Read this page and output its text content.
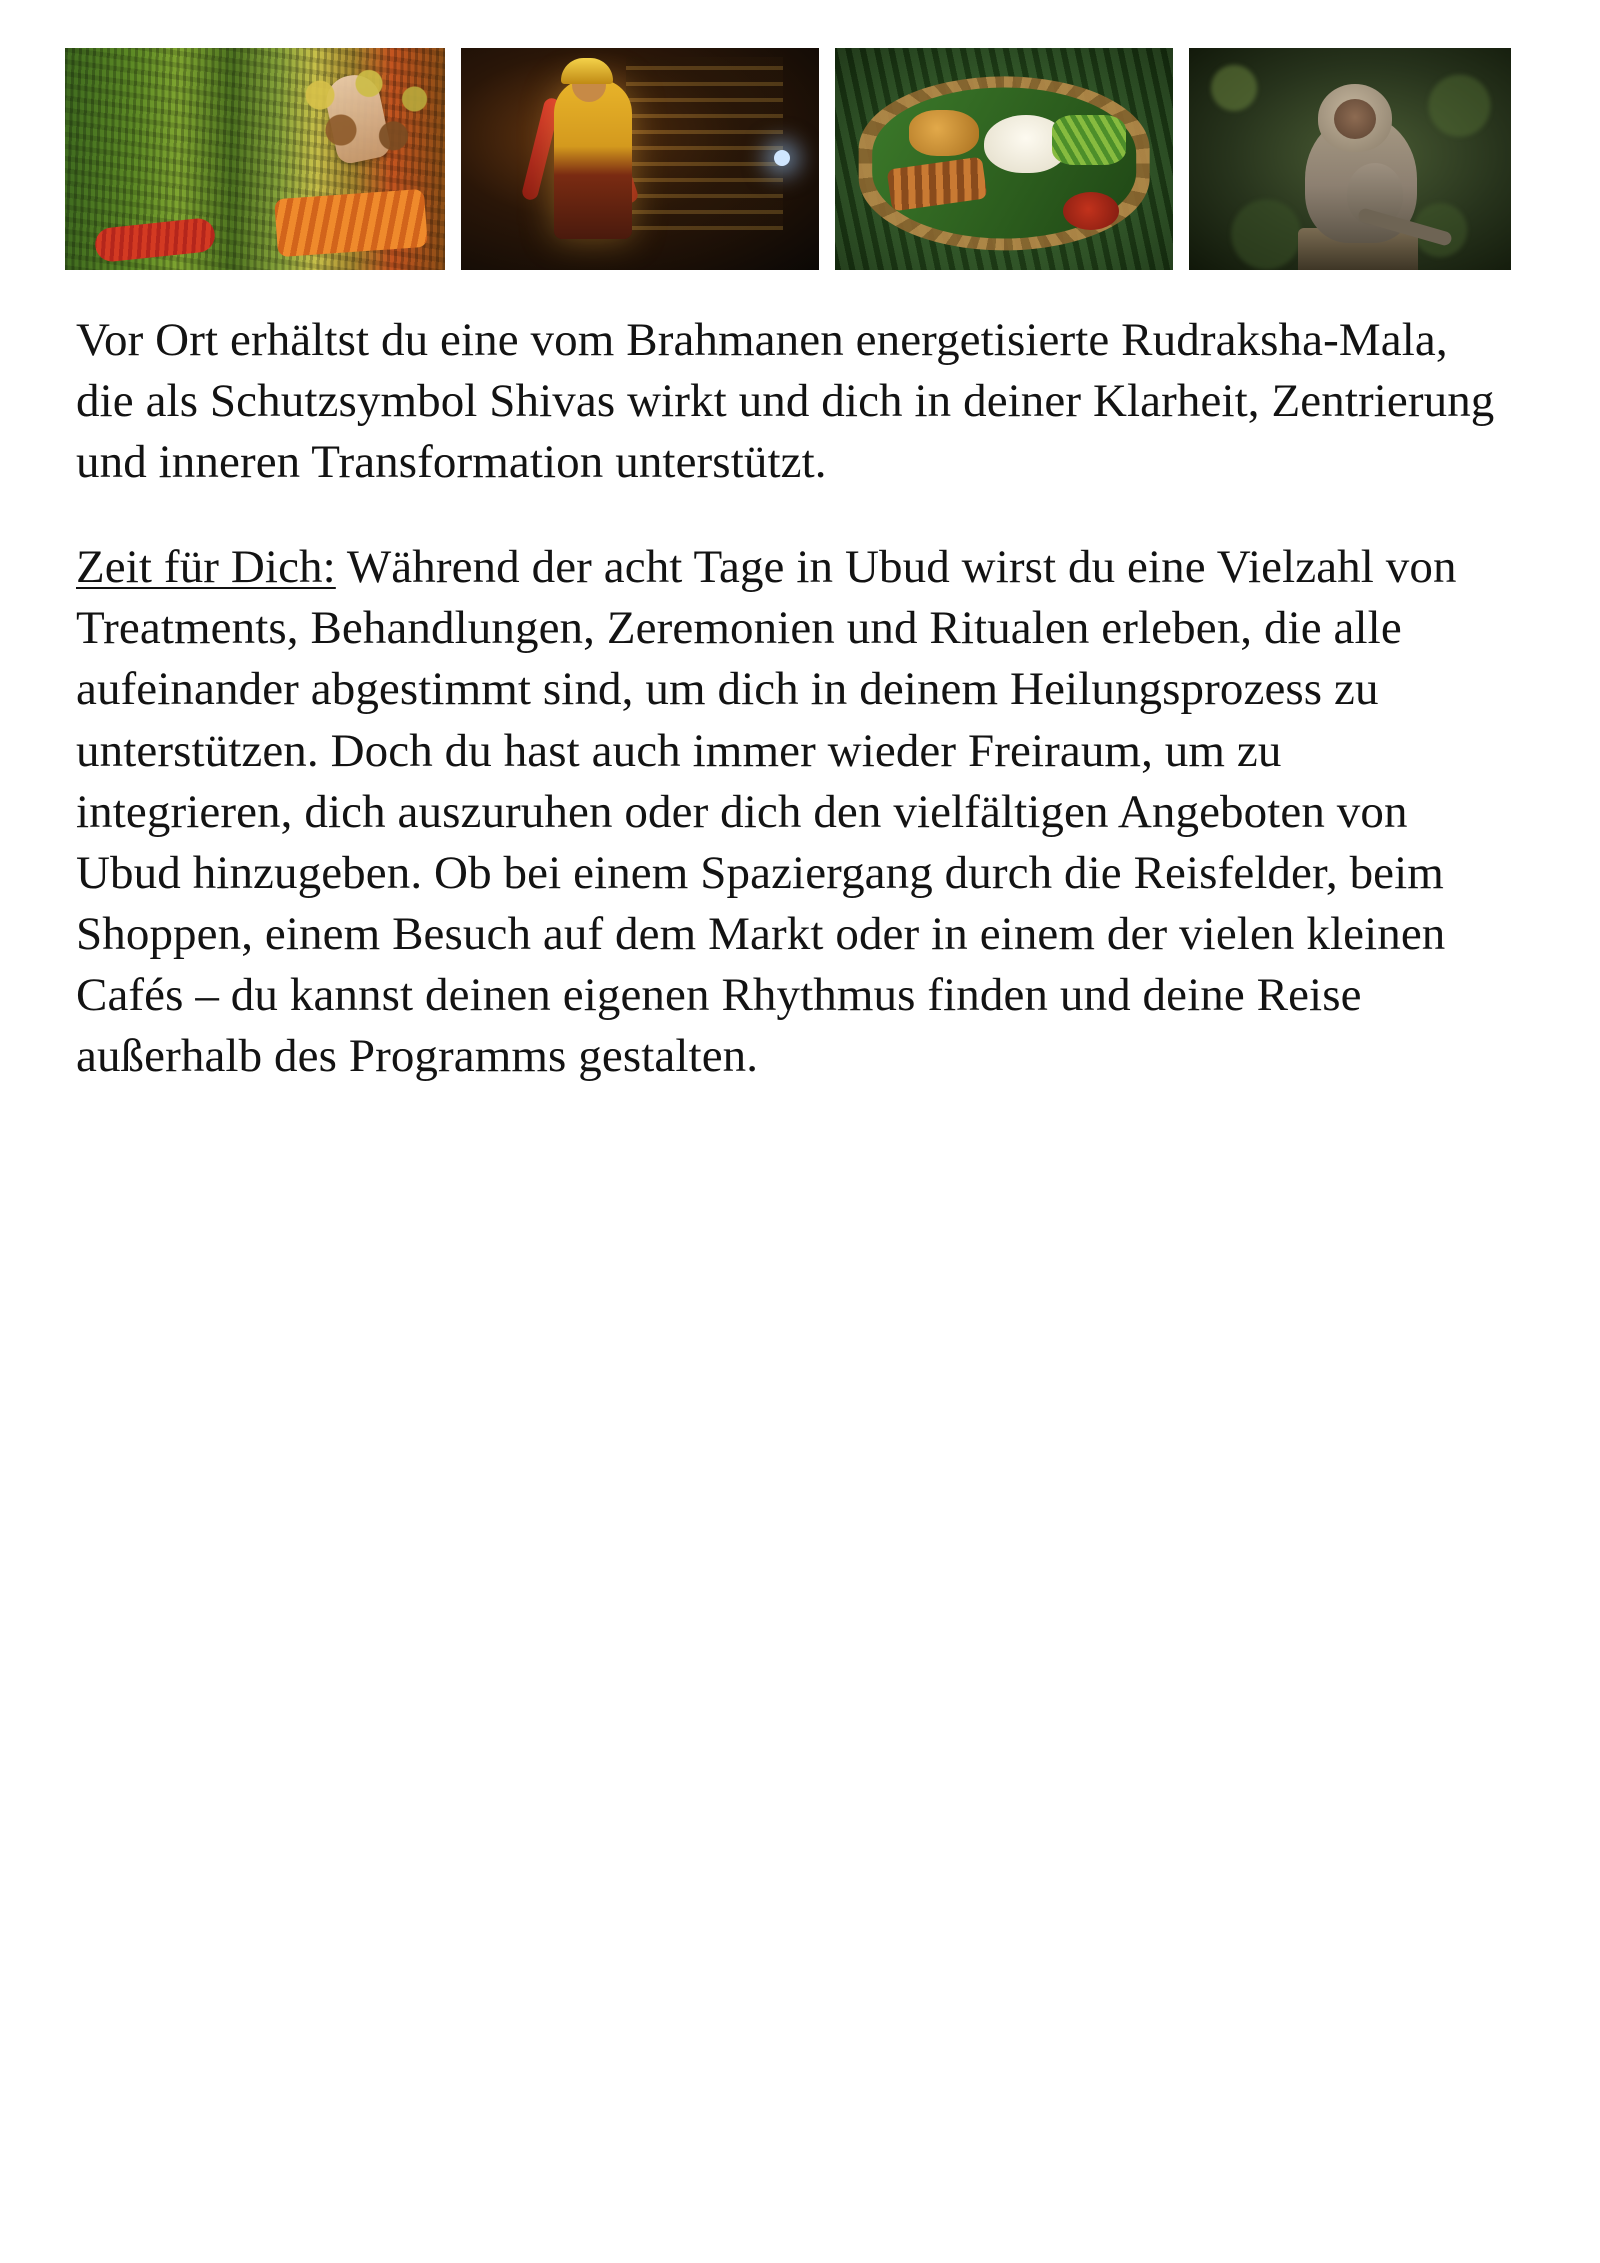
Vor Ort erhältst du eine vom Brahmanen energetisierte Rudraksha-Mala, die als Schutzsymbol Shivas wirkt und dich in deiner Klarheit, Zentrierung und inneren Transformation unterstützt.

Zeit für Dich: Während der acht Tage in Ubud wirst du eine Vielzahl von Treatments, Behandlungen, Zeremonien und Ritualen erleben, die alle aufeinander abgestimmt sind, um dich in deinem Heilungsprozess zu unterstützen. Doch du hast auch immer wieder Freiraum, um zu integrieren, dich auszuruhen oder dich den vielfältigen Angeboten von Ubud hinzugeben. Ob bei einem Spaziergang durch die Reisfelder, beim Shoppen, einem Besuch auf dem Markt oder in einem der vielen kleinen Cafés – du kannst deinen eigenen Rhythmus finden und deine Reise außerhalb des Programms gestalten.
